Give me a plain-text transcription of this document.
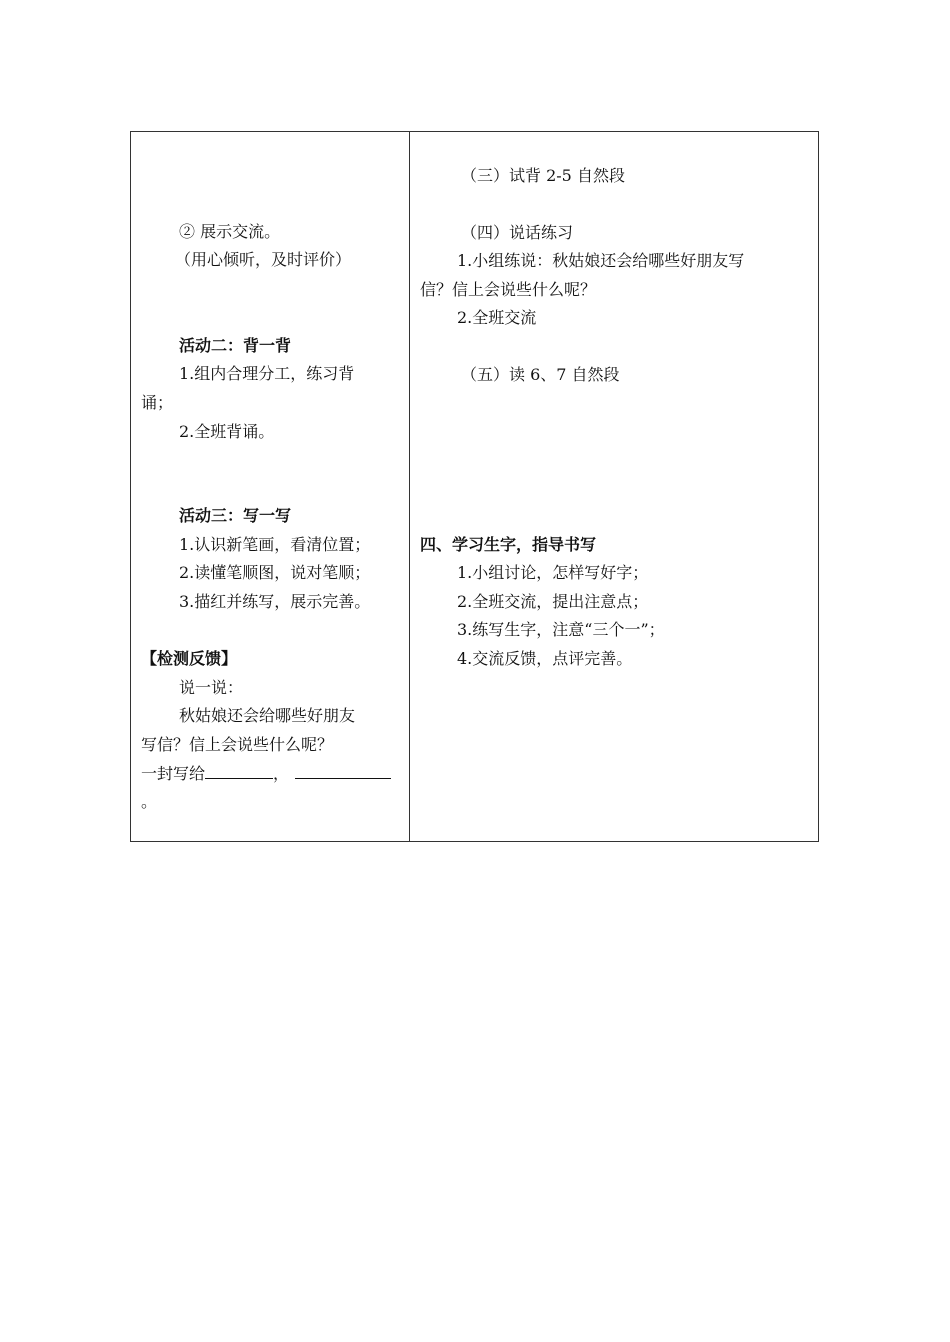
② 展示交流。
（用心倾听，及时评价）
活动二：背一背
1.组内合理分工，练习背
诵；
2.全班背诵。
活动三：写一写
1.认识新笔画，看清位置；
2.读懂笔顺图，说对笔顺；
3.描红并练写，展示完善。
【检测反馈】
说一说：
秋姑娘还会给哪些好朋友
写信？信上会说些什么呢？
一封写给	，
。
（三）试背 2-5 自然段
（四）说话练习
1.小组练说：秋姑娘还会给哪些好朋友写
信？信上会说些什么呢？
2.全班交流
（五）读 6、7 自然段
四、学习生字，指导书写
1.小组讨论，怎样写好字；
2.全班交流，提出注意点；
3.练写生字，注意“三个一”；
4.交流反馈，点评完善。
